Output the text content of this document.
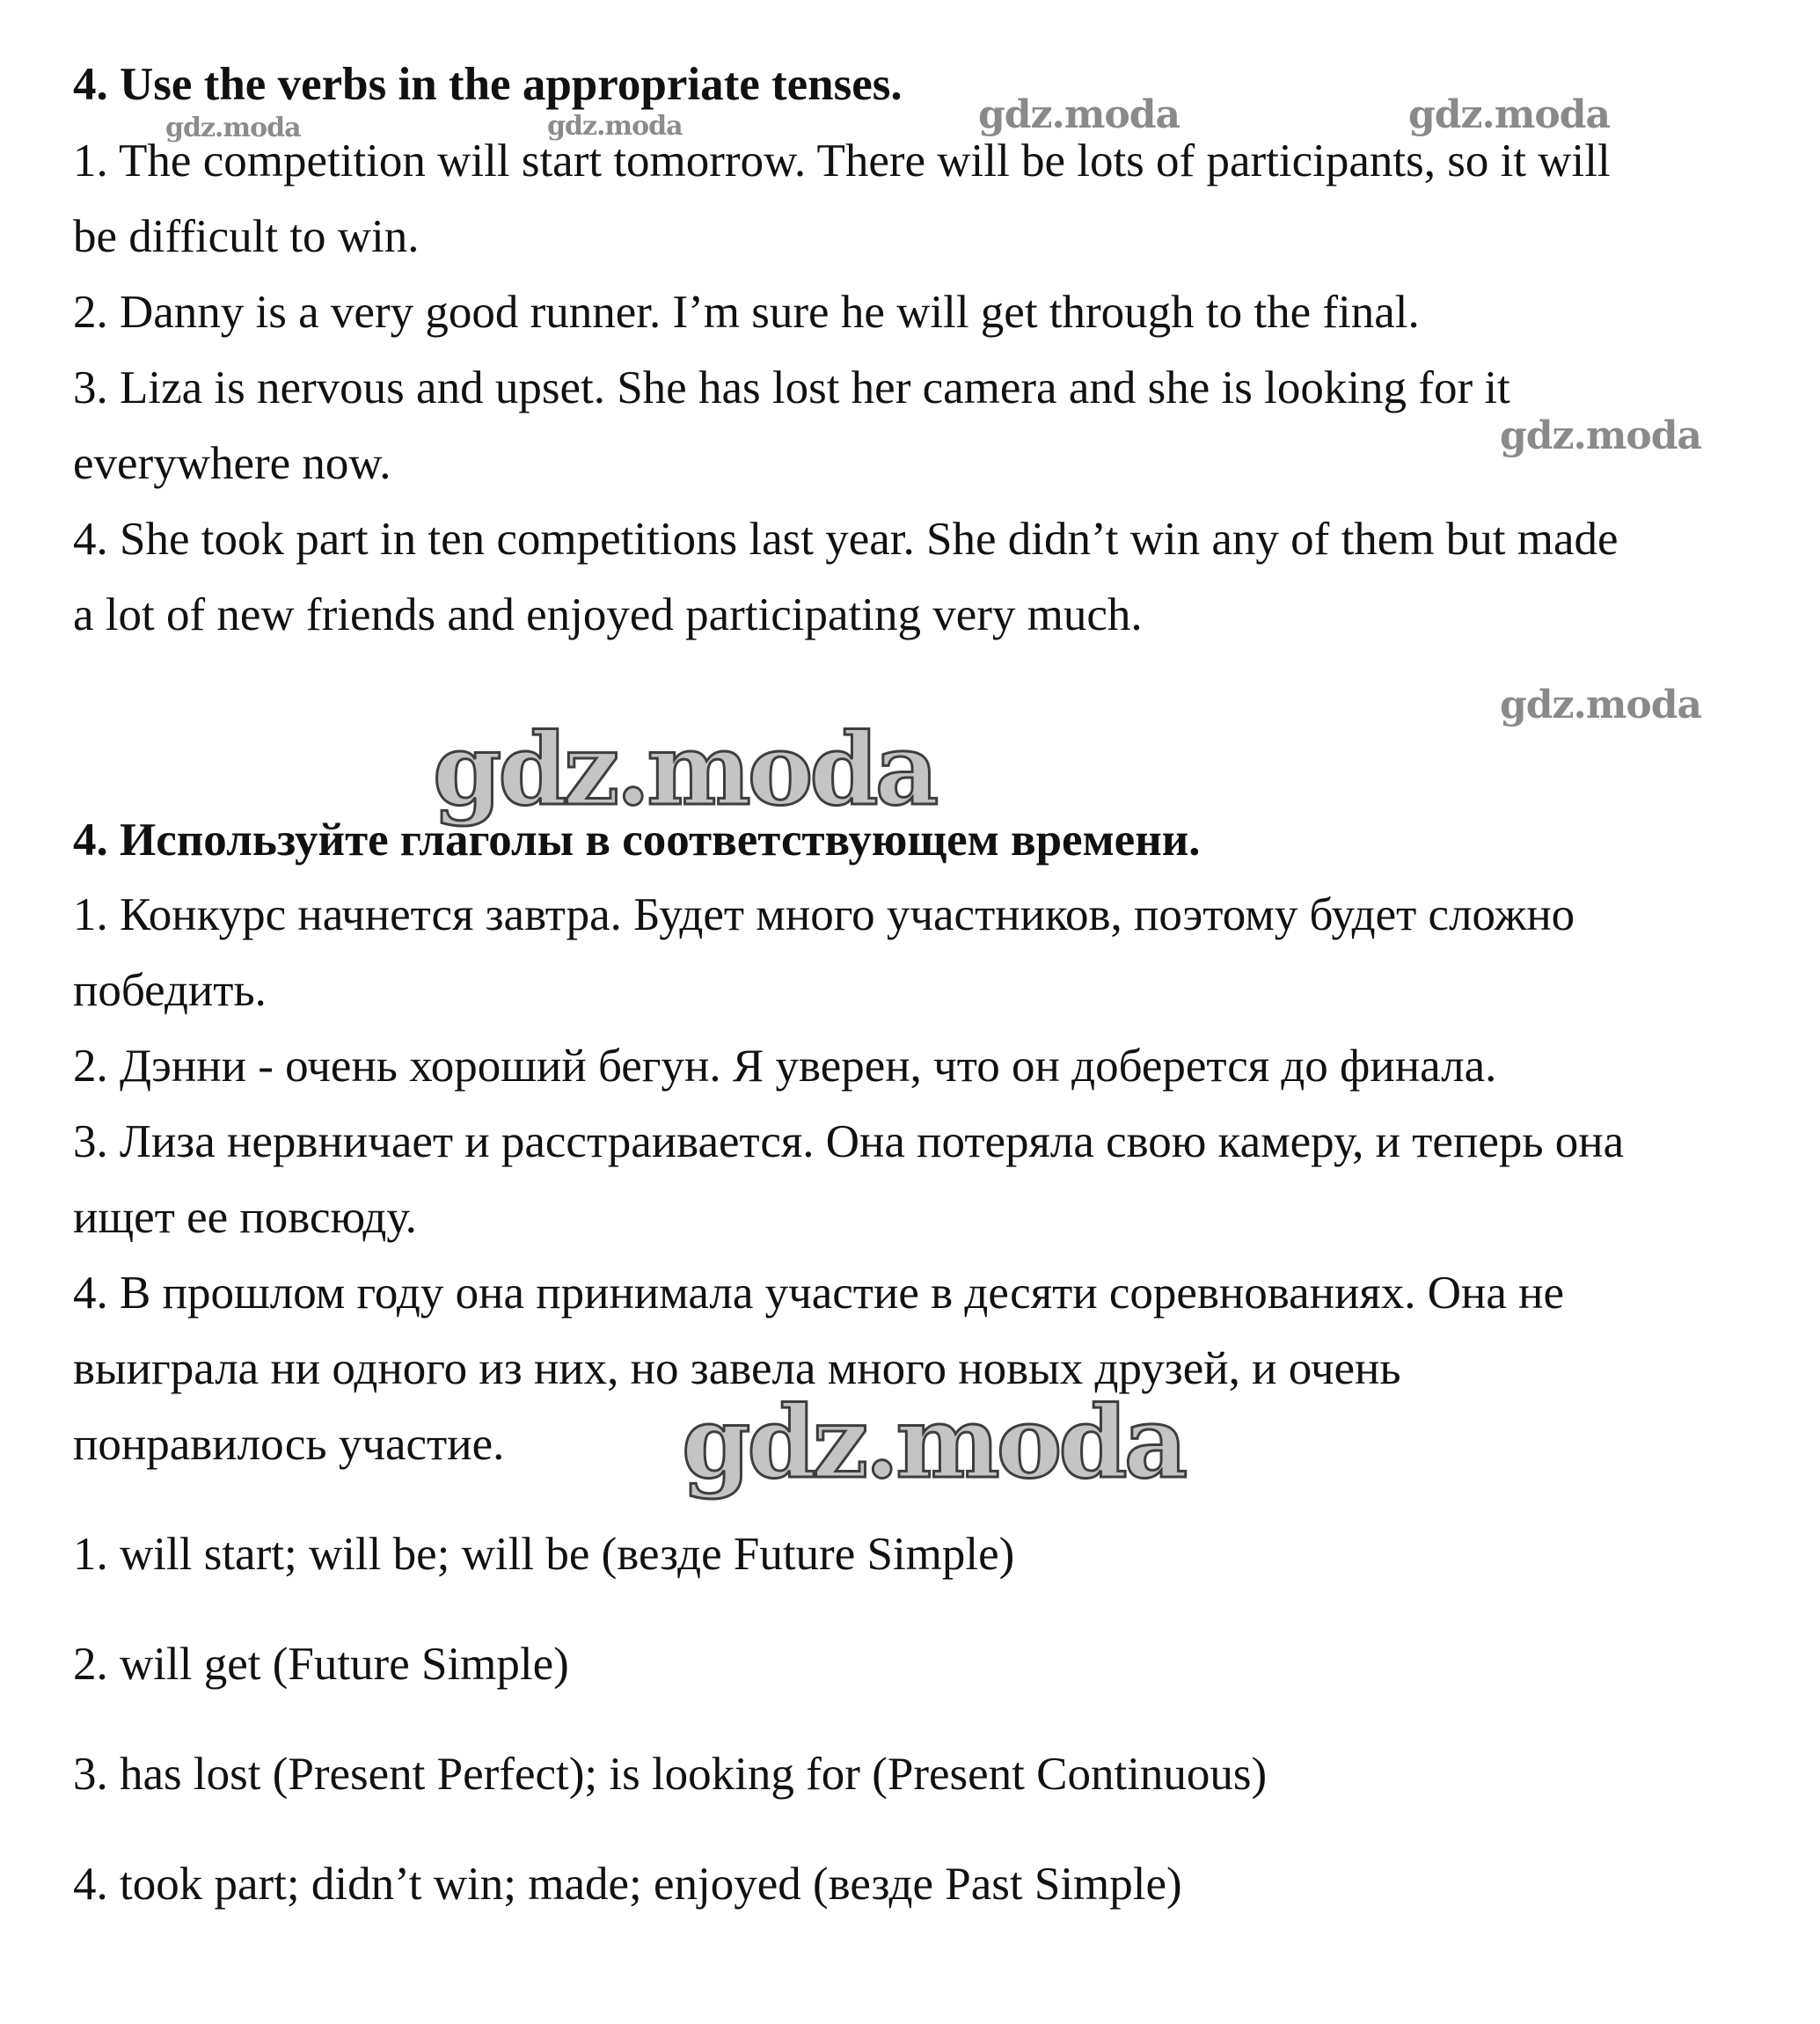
4. Use the verbs in the appropriate tenses.
1. The competition will start tomorrow. There will be lots of participants, so it will
be difficult to win.
2. Danny is a very good runner. I’m sure he will get through to the final.
3. Liza is nervous and upset. She has lost her camera and she is looking for it
everywhere now.
4. She took part in ten competitions last year. She didn’t win any of them but made
a lot of new friends and enjoyed participating very much.
4. Используйте глаголы в соответствующем времени.
1. Конкурс начнется завтра. Будет много участников, поэтому будет сложно
победить.
2. Дэнни - очень хороший бегун. Я уверен, что он доберется до финала.
3. Лиза нервничает и расстраивается. Она потеряла свою камеру, и теперь она
ищет ее повсюду.
4. В прошлом году она принимала участие в десяти соревнованиях. Она не
выиграла ни одного из них, но завела много новых друзей, и очень
понравилось участие.
1. will start; will be; will be (везде Future Simple)
2. will get (Future Simple)
3. has lost (Present Perfect); is looking for (Present Continuous)
4. took part; didn’t win; made; enjoyed (везде Past Simple)
gdz.moda	gdz.moda	gdz.moda	gdz.moda
gdz.moda
gdz.moda
gdz.moda
gdz.moda
